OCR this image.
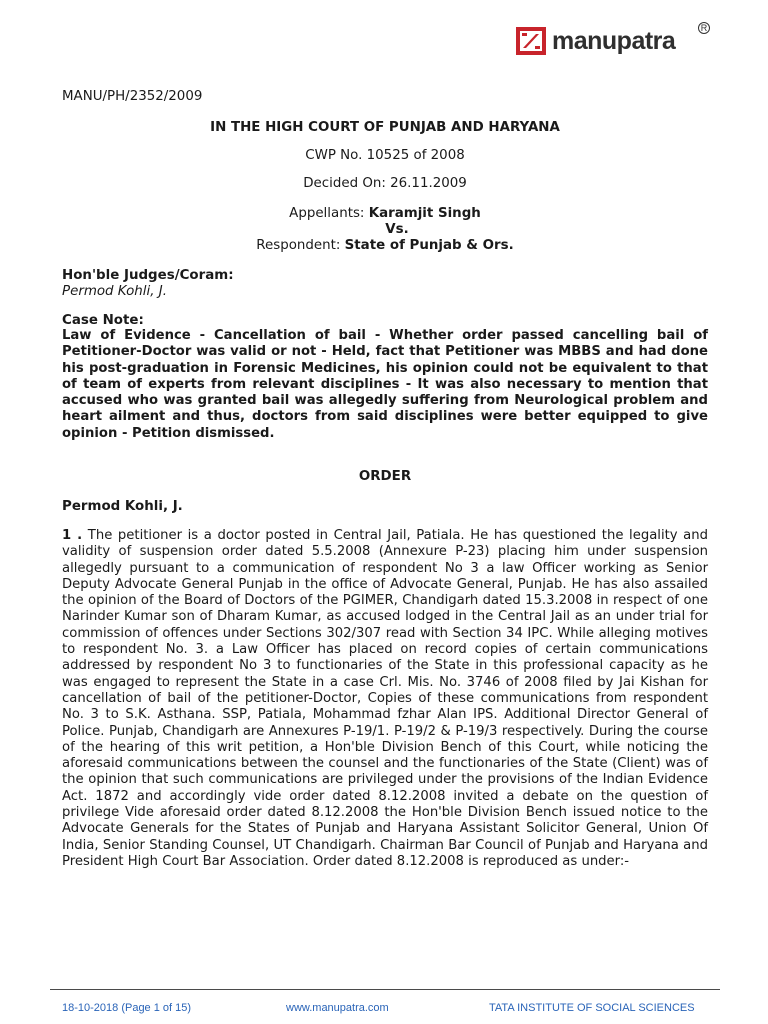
manupatra	R
MANU/PH/2352/2009
IN THE HIGH COURT OF PUNJAB AND HARYANA
CWP No. 10525 of 2008
Decided On: 26.11.2009
Appellants: Karamjit Singh
Vs.
Respondent: State of Punjab & Ors.
Hon'ble Judges/Coram:
Permod Kohli, J.
Case Note:
Law of Evidence - Cancellation of bail - Whether order passed cancelling bail of Petitioner-Doctor was valid or not - Held, fact that Petitioner was MBBS and had done his post-graduation in Forensic Medicines, his opinion could not be equivalent to that of team of experts from relevant disciplines - It was also necessary to mention that accused who was granted bail was allegedly suffering from Neurological problem and heart ailment and thus, doctors from said disciplines were better equipped to give opinion - Petition dismissed.
ORDER
Permod Kohli, J.
1 . The petitioner is a doctor posted in Central Jail, Patiala. He has questioned the legality and validity of suspension order dated 5.5.2008 (Annexure P-23) placing him under suspension allegedly pursuant to a communication of respondent No 3 a law Officer working as Senior Deputy Advocate General Punjab in the office of Advocate General, Punjab. He has also assailed the opinion of the Board of Doctors of the PGIMER, Chandigarh dated 15.3.2008 in respect of one Narinder Kumar son of Dharam Kumar, as accused lodged in the Central Jail as an under trial for commission of offences under Sections 302/307 read with Section 34 IPC. While alleging motives to respondent No. 3. a Law Officer has placed on record copies of certain communications addressed by respondent No 3 to functionaries of the State in this professional capacity as he was engaged to represent the State in a case Crl. Mis. No. 3746 of 2008 filed by Jai Kishan for cancellation of bail of the petitioner-Doctor, Copies of these communications from respondent No. 3 to S.K. Asthana. SSP, Patiala, Mohammad fzhar Alan IPS. Additional Director General of Police. Punjab, Chandigarh are Annexures P-19/1. P-19/2 & P-19/3 respectively. During the course of the hearing of this writ petition, a Hon'ble Division Bench of this Court, while noticing the aforesaid communications between the counsel and the functionaries of the State (Client) was of the opinion that such communications are privileged under the provisions of the Indian Evidence Act. 1872 and accordingly vide order dated 8.12.2008 invited a debate on the question of privilege Vide aforesaid order dated 8.12.2008 the Hon'ble Division Bench issued notice to the Advocate Generals for the States of Punjab and Haryana Assistant Solicitor General, Union Of India, Senior Standing Counsel, UT Chandigarh. Chairman Bar Council of Punjab and Haryana and President High Court Bar Association. Order dated 8.12.2008 is reproduced as under:-
18-10-2018 (Page 1 of 15)	www.manupatra.com	TATA INSTITUTE OF SOCIAL SCIENCES
